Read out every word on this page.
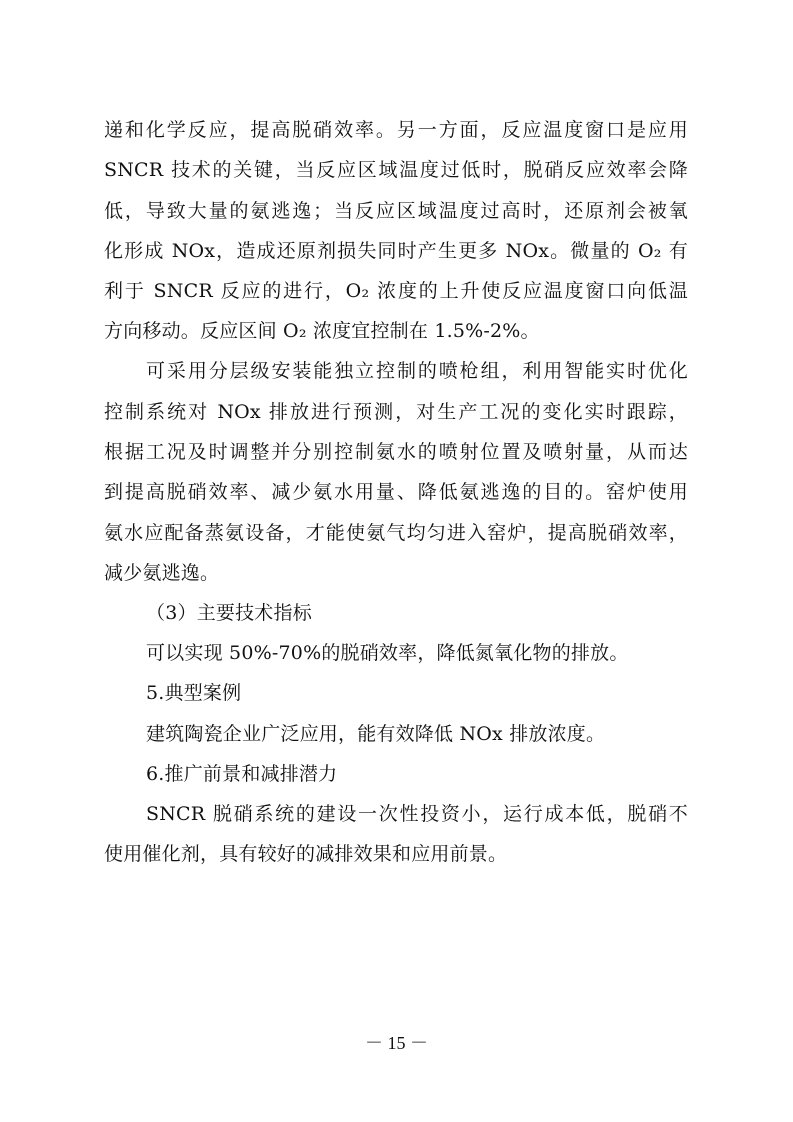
递和化学反应，提高脱硝效率。另一方面，反应温度窗口是应用
SNCR 技术的关键，当反应区域温度过低时，脱硝反应效率会降
低，导致大量的氨逃逸；当反应区域温度过高时，还原剂会被氧
化形成 NOx，造成还原剂损失同时产生更多 NOx。微量的 O₂ 有
利于 SNCR 反应的进行，O₂ 浓度的上升使反应温度窗口向低温
方向移动。反应区间 O₂ 浓度宜控制在 1.5%-2%。
可采用分层级安装能独立控制的喷枪组，利用智能实时优化
控制系统对 NOx 排放进行预测，对生产工况的变化实时跟踪，
根据工况及时调整并分别控制氨水的喷射位置及喷射量，从而达
到提高脱硝效率、减少氨水用量、降低氨逃逸的目的。窑炉使用
氨水应配备蒸氨设备，才能使氨气均匀进入窑炉，提高脱硝效率，
减少氨逃逸。
（3）主要技术指标
可以实现 50%-70%的脱硝效率，降低氮氧化物的排放。
5.典型案例
建筑陶瓷企业广泛应用，能有效降低 NOx 排放浓度。
6.推广前景和减排潜力
SNCR 脱硝系统的建设一次性投资小，运行成本低，脱硝不
使用催化剂，具有较好的减排效果和应用前景。
－ 15 －
